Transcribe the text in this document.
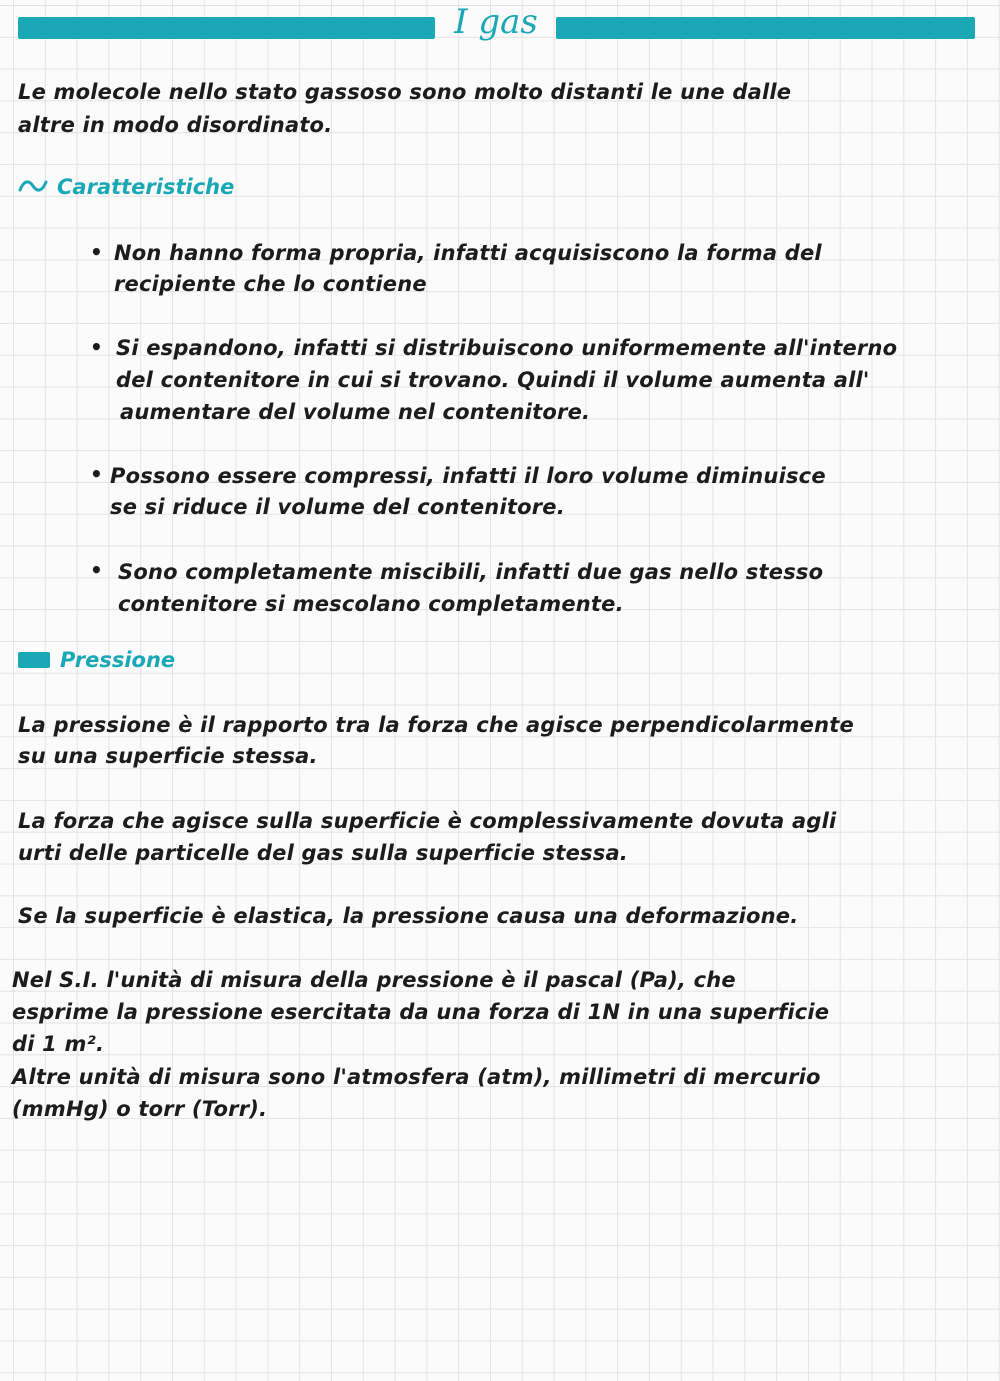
I gas
Le molecole nello stato gassoso sono molto distanti le une dalle
altre in modo disordinato.
Caratteristiche
• Non hanno forma propria, infatti acquisiscono la forma del
recipiente che lo contiene
• Si espandono, infatti si distribuiscono uniformemente all'interno
del contenitore in cui si trovano. Quindi il volume aumenta all'
aumentare del volume nel contenitore.
• Possono essere compressi, infatti il loro volume diminuisce
se si riduce il volume del contenitore.
• Sono completamente miscibili, infatti due gas nello stesso
contenitore si mescolano completamente.
Pressione
La pressione è il rapporto tra la forza che agisce perpendicolarmente
su una superficie stessa.
La forza che agisce sulla superficie è complessivamente dovuta agli
urti delle particelle del gas sulla superficie stessa.
Se la superficie è elastica, la pressione causa una deformazione.
Nel S.I. l'unità di misura della pressione è il pascal (Pa), che
esprime la pressione esercitata da una forza di 1N in una superficie
di 1 m².
Altre unità di misura sono l'atmosfera (atm), millimetri di mercurio
(mmHg) o torr (Torr).
